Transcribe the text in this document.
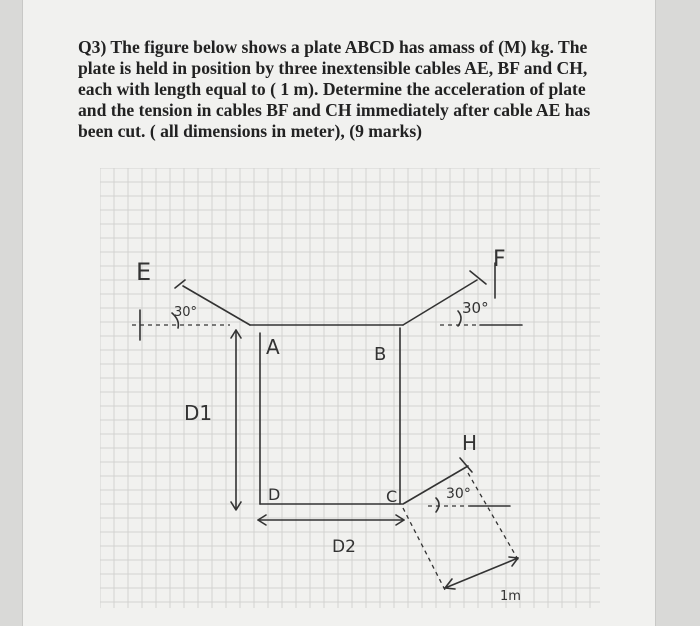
Q3) The figure below shows a plate ABCD has amass of (M) kg. The
plate is held in position by three inextensible cables AE, BF and CH,
each with length equal to ( 1 m). Determine the acceleration of plate
and the tension in cables BF and CH immediately after cable AE has
been cut. ( all dimensions in meter), (9 marks)
E	F
H
A	B
C
D
D1
D2
30°	30°
30°
1m
